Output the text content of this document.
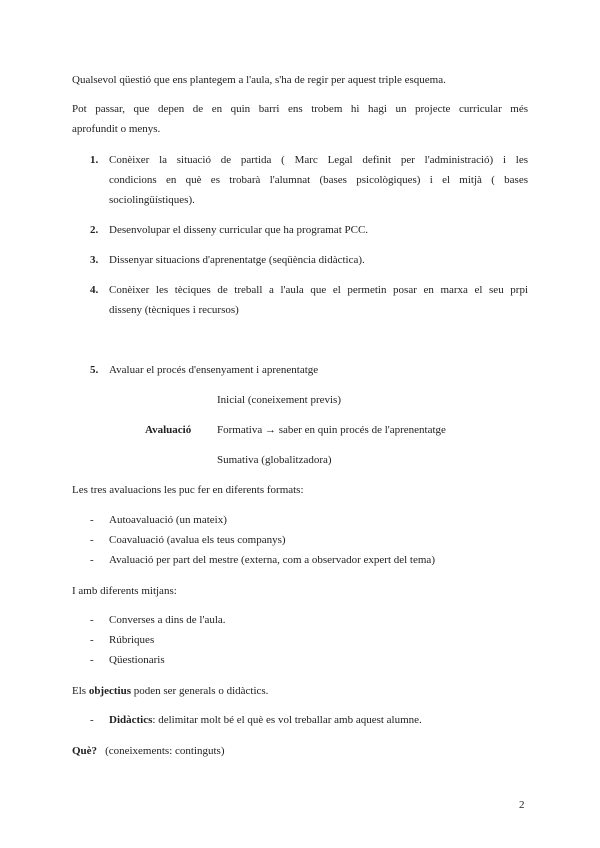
Qualsevol qüestió que ens plantegem a l'aula, s'ha de regir per aquest triple esquema.
Pot passar, que depen de en quin barri ens trobem hi hagi un projecte curricular més
aprofundit o menys.
1. Conèixer la situació de partida ( Marc Legal definit per l'administració) i les
condicions en què es trobarà l'alumnat (bases psicològiques) i el mitjà ( bases
sociolingüístiques).
2. Desenvolupar el disseny curricular que ha programat PCC.
3. Dissenyar situacions d'aprenentatge (seqüència didàctica).
4. Conèixer les tèciques de treball a l'aula que el permetin posar en marxa el seu prpi
disseny (tècniques i recursos)
5. Avaluar el procés d'ensenyament i aprenentatge
Inicial (coneixement previs)
Avaluació Formativa → saber en quin procés de l'aprenentatge
Sumativa (globalitzadora)
Les tres avaluacions les puc fer en diferents formats:
- Autoavaluació (un mateix)
- Coavaluació (avalua els teus companys)
- Avaluació per part del mestre (externa, com a observador expert del tema)
I amb diferents mitjans:
- Converses a dins de l'aula.
- Rúbriques
- Qüestionaris
Els objectius poden ser generals o didàctics.
- Didàctics: delimitar molt bé el què es vol treballar amb aquest alumne.
Què? (coneixements: continguts)
2
